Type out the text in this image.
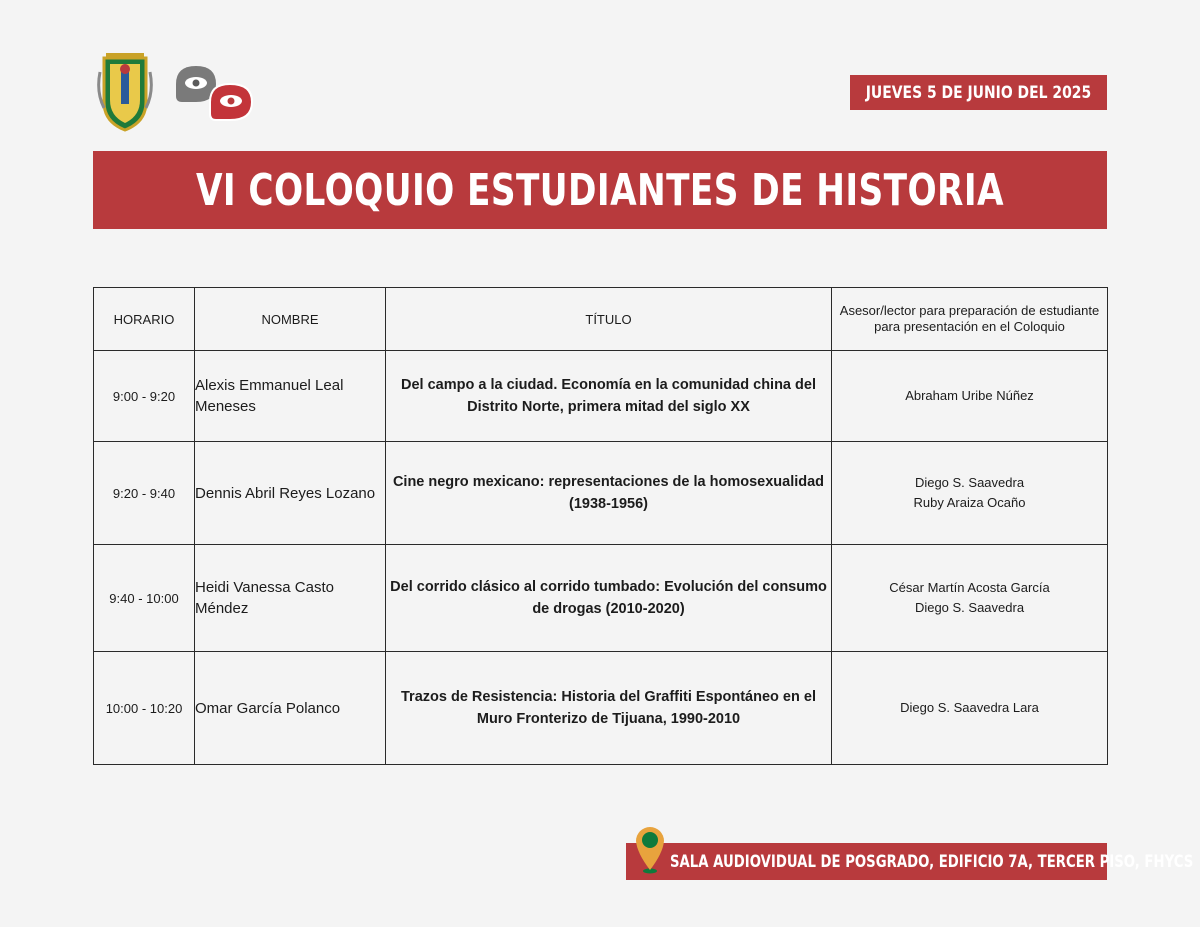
JUEVES 5 DE JUNIO DEL 2025
VI COLOQUIO ESTUDIANTES DE HISTORIA
HORARIO	NOMBRE	TÍTULO	Asesor/lector para preparación de estudiante para presentación en el Coloquio
9:00 - 9:20	Alexis Emmanuel Leal Meneses	Del campo a la ciudad. Economía en la comunidad china del Distrito Norte, primera mitad del siglo XX	Abraham Uribe Núñez

9:20 - 9:40	Dennis Abril Reyes Lozano	Cine negro mexicano: representaciones de la homosexualidad (1938-1956)	Diego S. Saavedra
Ruby Araiza Ocaño

9:40 - 10:00	Heidi Vanessa Casto Méndez	Del corrido clásico al corrido tumbado: Evolución del consumo de drogas (2010-2020)	César Martín Acosta García
Diego S. Saavedra

10:00 - 10:20	Omar García Polanco	Trazos de Resistencia: Historia del Graffiti Espontáneo en el Muro Fronterizo de Tijuana, 1990-2010	Diego S. Saavedra Lara
SALA AUDIOVIDUAL DE POSGRADO, EDIFICIO 7A, TERCER PISO, FHYCS
